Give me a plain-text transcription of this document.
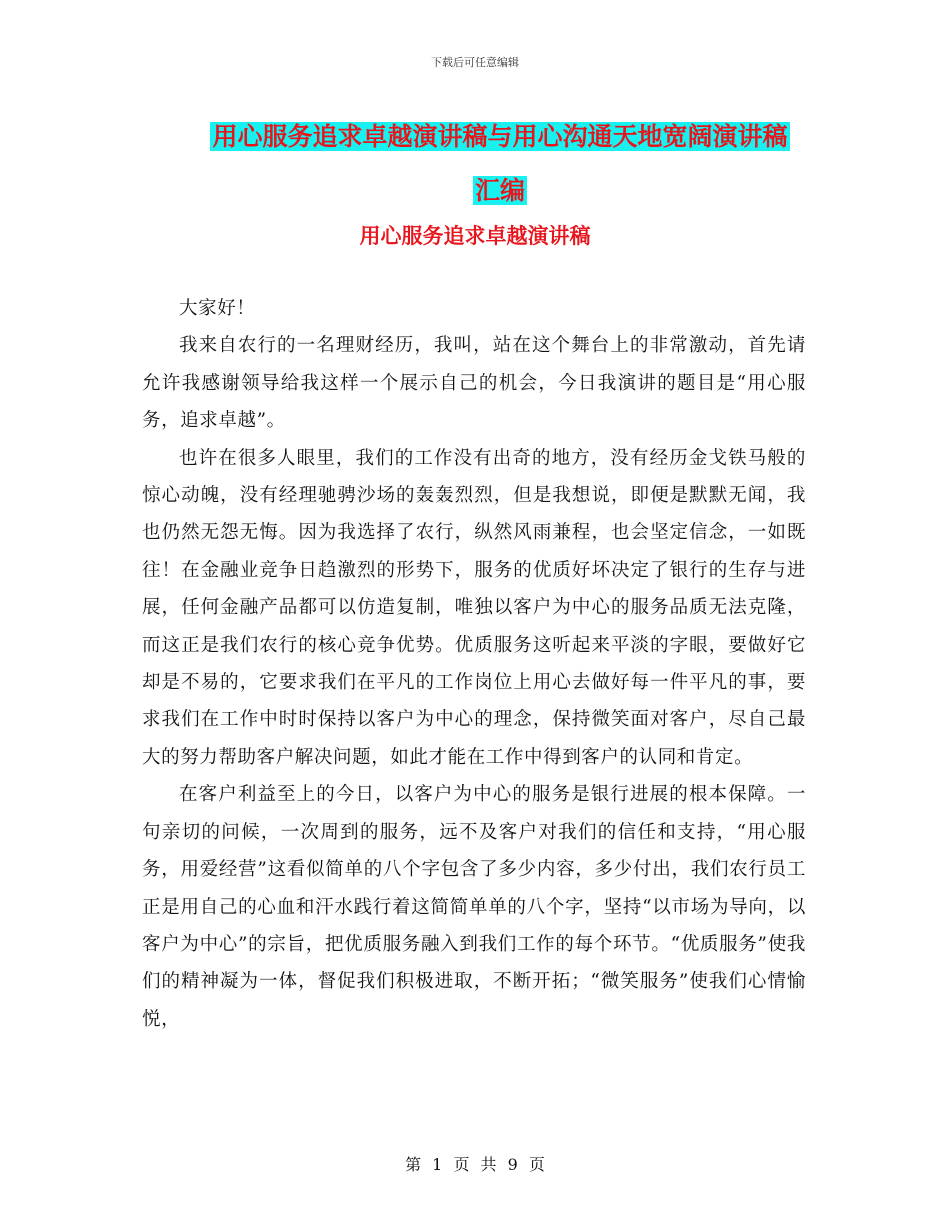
下载后可任意编辑
用心服务追求卓越演讲稿与用心沟通天地宽阔演讲稿
汇编
用心服务追求卓越演讲稿

大家好！

我来自农行的一名理财经历，我叫，站在这个舞台上的非常激动，首先请允许我感谢领导给我这样一个展示自己的机会，今日我演讲的题目是“用心服务，追求卓越”。

也许在很多人眼里，我们的工作没有出奇的地方，没有经历金戈铁马般的惊心动魄，没有经理驰骋沙场的轰轰烈烈，但是我想说，即便是默默无闻，我也仍然无怨无悔。因为我选择了农行，纵然风雨兼程，也会坚定信念，一如既往！在金融业竞争日趋激烈的形势下，服务的优质好坏决定了银行的生存与进展，任何金融产品都可以仿造复制，唯独以客户为中心的服务品质无法克隆，而这正是我们农行的核心竞争优势。优质服务这听起来平淡的字眼，要做好它却是不易的，它要求我们在平凡的工作岗位上用心去做好每一件平凡的事，要求我们在工作中时时保持以客户为中心的理念，保持微笑面对客户，尽自己最大的努力帮助客户解决问题，如此才能在工作中得到客户的认同和肯定。

在客户利益至上的今日，以客户为中心的服务是银行进展的根本保障。一句亲切的问候，一次周到的服务，远不及客户对我们的信任和支持，“用心服务，用爱经营”这看似简单的八个字包含了多少内容，多少付出，我们农行员工正是用自己的心血和汗水践行着这简简单单的八个字，坚持“以市场为导向，以客户为中心”的宗旨，把优质服务融入到我们工作的每个环节。“优质服务”使我们的精神凝为一体，督促我们积极进取，不断开拓；“微笑服务”使我们心情愉悦，

第 1 页 共 9 页
